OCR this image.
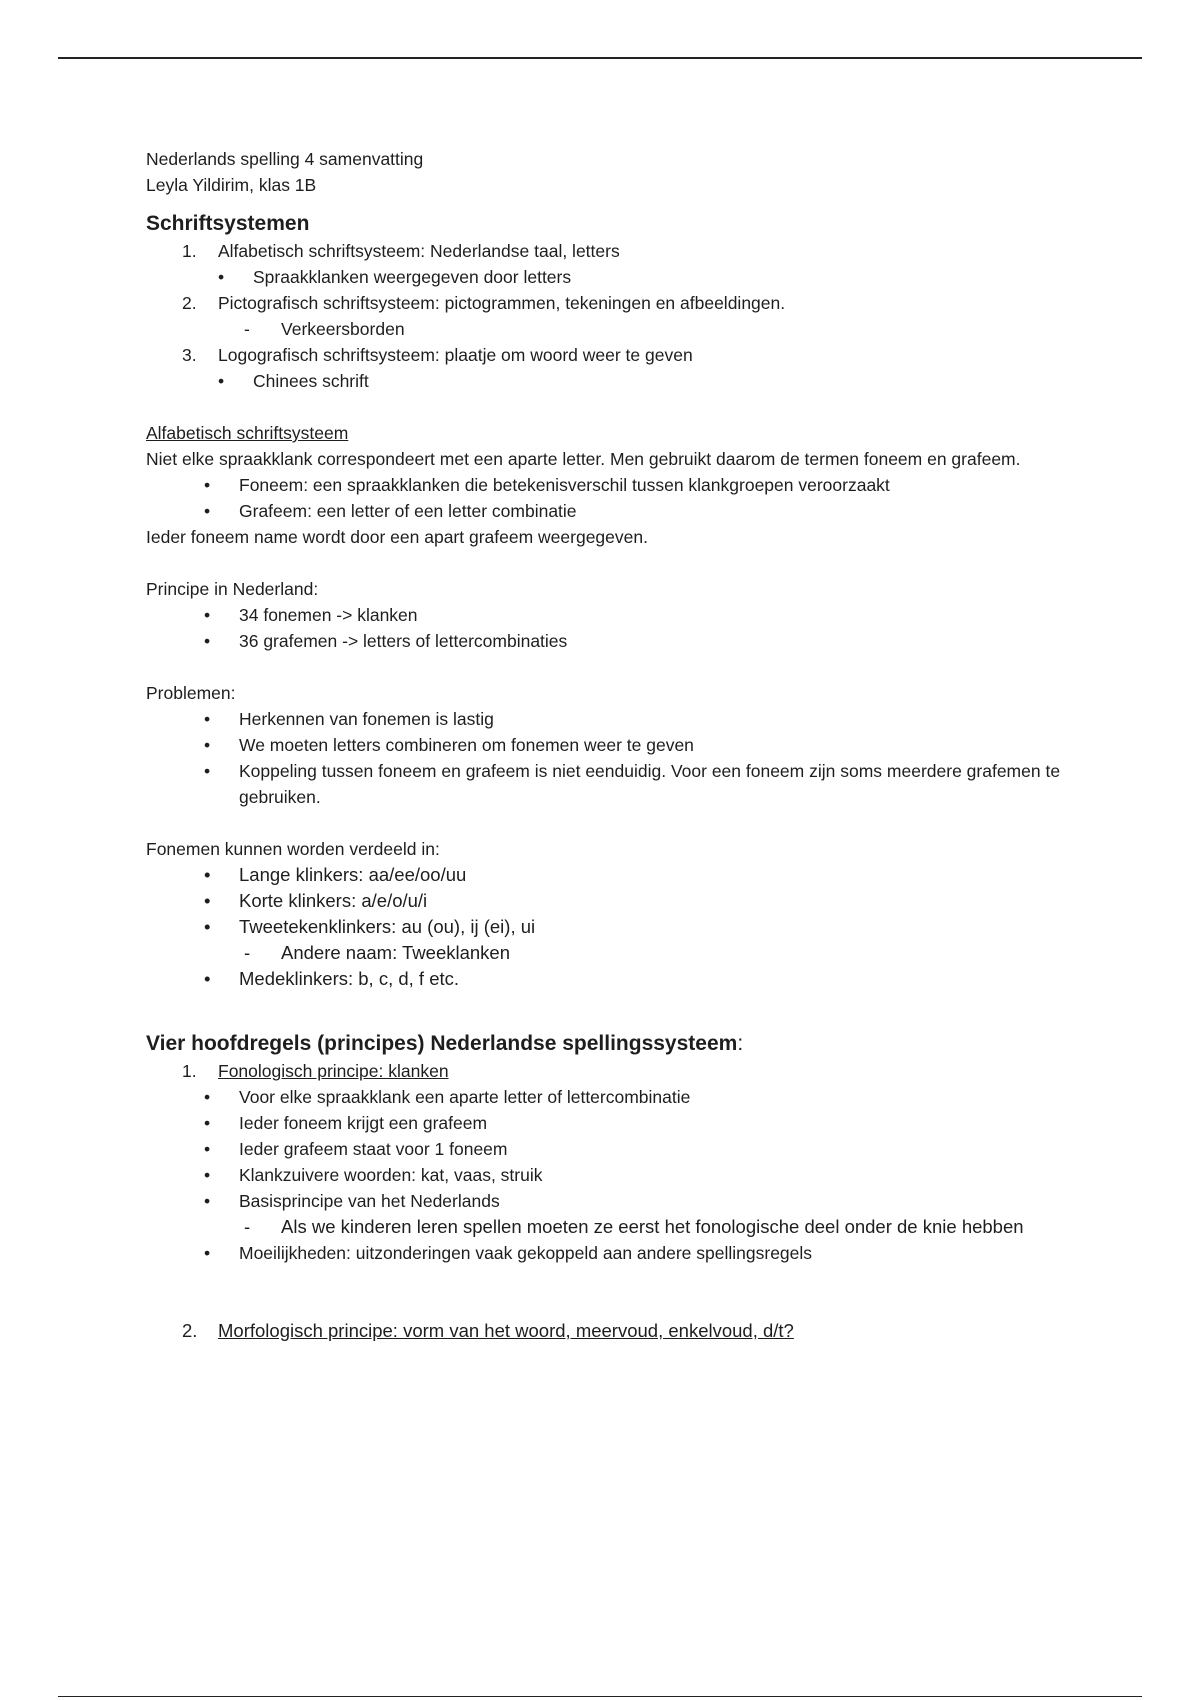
Nederlands spelling 4 samenvatting

Leyla Yildirim, klas 1B

Schriftsystemen

1. Alfabetisch schriftsysteem: Nederlandse taal, letters

• Spraakklanken weergegeven door letters

2. Pictografisch schriftsysteem: pictogrammen, tekeningen en afbeeldingen.

- Verkeersborden

3. Logografisch schriftsysteem: plaatje om woord weer te geven

• Chinees schrift

Alfabetisch schriftsysteem

Niet elke spraakklank correspondeert met een aparte letter. Men gebruikt daarom de termen foneem en grafeem.

• Foneem: een spraakklanken die betekenisverschil tussen klankgroepen veroorzaakt

• Grafeem: een letter of een letter combinatie

Ieder foneem name wordt door een apart grafeem weergegeven.

Principe in Nederland:

• 34 fonemen -> klanken

• 36 grafemen -> letters of lettercombinaties

Problemen:

• Herkennen van fonemen is lastig

• We moeten letters combineren om fonemen weer te geven

• Koppeling tussen foneem en grafeem is niet eenduidig. Voor een foneem zijn soms meerdere grafemen te gebruiken.

Fonemen kunnen worden verdeeld in:

• Lange klinkers: aa/ee/oo/uu

• Korte klinkers: a/e/o/u/i

• Tweetekenklinkers: au (ou), ij (ei), ui

- Andere naam: Tweeklanken

• Medeklinkers: b, c, d, f etc.

Vier hoofdregels (principes) Nederlandse spellingssysteem:

1. Fonologisch principe: klanken

• Voor elke spraakklank een aparte letter of lettercombinatie

• Ieder foneem krijgt een grafeem

• Ieder grafeem staat voor 1 foneem

• Klankzuivere woorden: kat, vaas, struik

• Basisprincipe van het Nederlands

- Als we kinderen leren spellen moeten ze eerst het fonologische deel onder de knie hebben

• Moeilijkheden: uitzonderingen vaak gekoppeld aan andere spellingsregels

2. Morfologisch principe: vorm van het woord, meervoud, enkelvoud, d/t?
